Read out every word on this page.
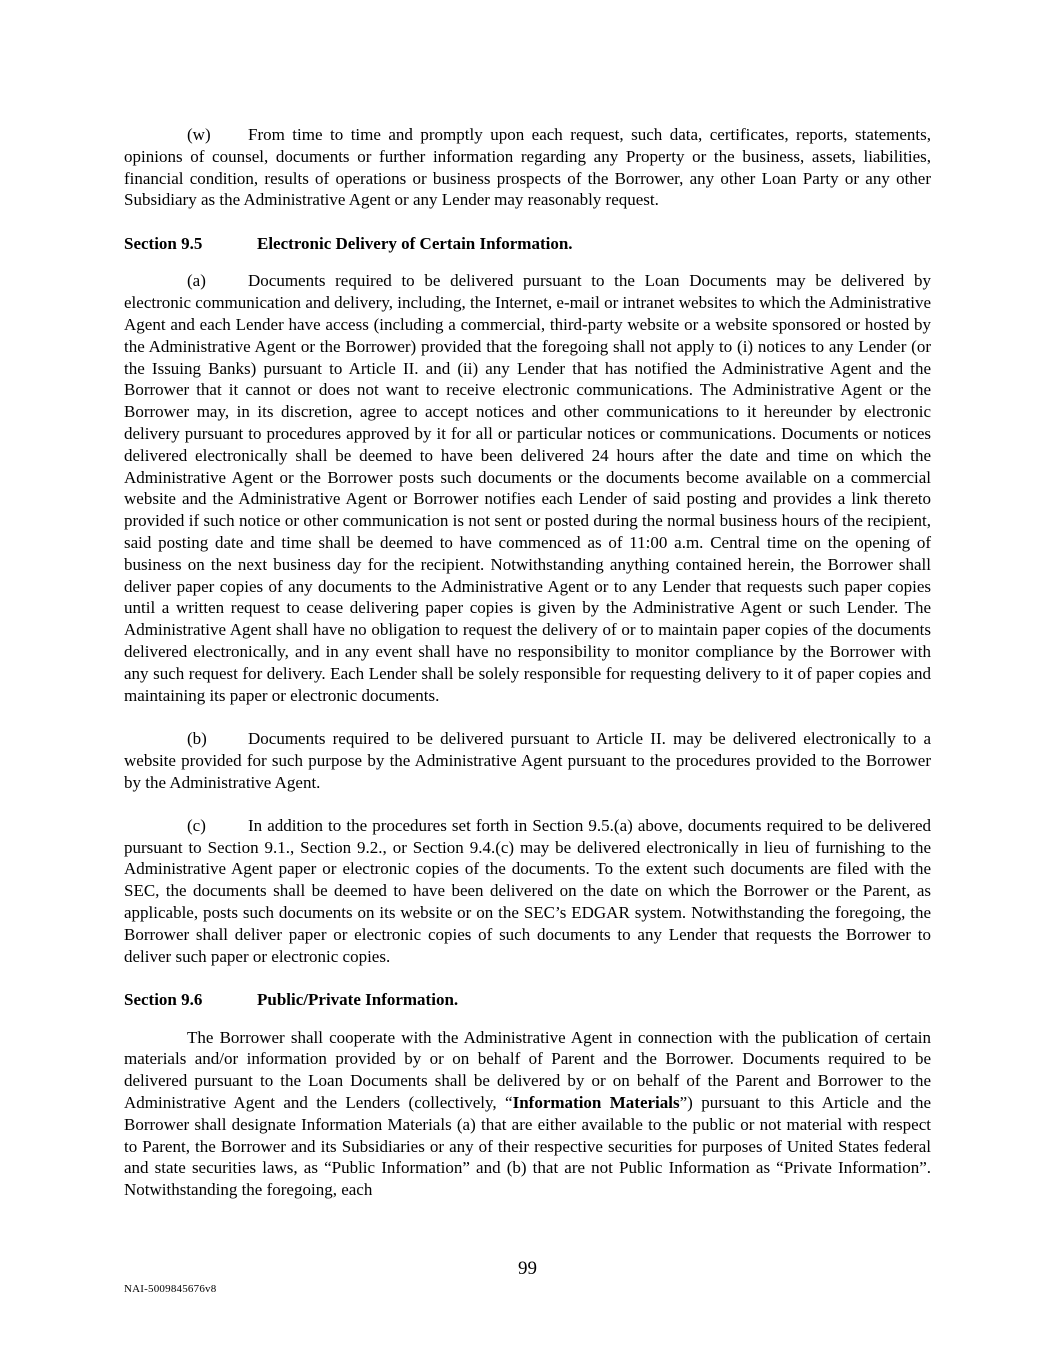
(w) From time to time and promptly upon each request, such data, certificates, reports, statements, opinions of counsel, documents or further information regarding any Property or the business, assets, liabilities, financial condition, results of operations or business prospects of the Borrower, any other Loan Party or any other Subsidiary as the Administrative Agent or any Lender may reasonably request.

Section 9.5	Electronic Delivery of Certain Information.

(a) Documents required to be delivered pursuant to the Loan Documents may be delivered by electronic communication and delivery, including, the Internet, e-mail or intranet websites to which the Administrative Agent and each Lender have access (including a commercial, third-party website or a website sponsored or hosted by the Administrative Agent or the Borrower) provided that the foregoing shall not apply to (i) notices to any Lender (or the Issuing Banks) pursuant to Article II. and (ii) any Lender that has notified the Administrative Agent and the Borrower that it cannot or does not want to receive electronic communications. The Administrative Agent or the Borrower may, in its discretion, agree to accept notices and other communications to it hereunder by electronic delivery pursuant to procedures approved by it for all or particular notices or communications. Documents or notices delivered electronically shall be deemed to have been delivered 24 hours after the date and time on which the Administrative Agent or the Borrower posts such documents or the documents become available on a commercial website and the Administrative Agent or Borrower notifies each Lender of said posting and provides a link thereto provided if such notice or other communication is not sent or posted during the normal business hours of the recipient, said posting date and time shall be deemed to have commenced as of 11:00 a.m. Central time on the opening of business on the next business day for the recipient. Notwithstanding anything contained herein, the Borrower shall deliver paper copies of any documents to the Administrative Agent or to any Lender that requests such paper copies until a written request to cease delivering paper copies is given by the Administrative Agent or such Lender. The Administrative Agent shall have no obligation to request the delivery of or to maintain paper copies of the documents delivered electronically, and in any event shall have no responsibility to monitor compliance by the Borrower with any such request for delivery. Each Lender shall be solely responsible for requesting delivery to it of paper copies and maintaining its paper or electronic documents.

(b) Documents required to be delivered pursuant to Article II. may be delivered electronically to a website provided for such purpose by the Administrative Agent pursuant to the procedures provided to the Borrower by the Administrative Agent.

(c) In addition to the procedures set forth in Section 9.5.(a) above, documents required to be delivered pursuant to Section 9.1., Section 9.2., or Section 9.4.(c) may be delivered electronically in lieu of furnishing to the Administrative Agent paper or electronic copies of the documents. To the extent such documents are filed with the SEC, the documents shall be deemed to have been delivered on the date on which the Borrower or the Parent, as applicable, posts such documents on its website or on the SEC’s EDGAR system. Notwithstanding the foregoing, the Borrower shall deliver paper or electronic copies of such documents to any Lender that requests the Borrower to deliver such paper or electronic copies.

Section 9.6	Public/Private Information.

The Borrower shall cooperate with the Administrative Agent in connection with the publication of certain materials and/or information provided by or on behalf of Parent and the Borrower. Documents required to be delivered pursuant to the Loan Documents shall be delivered by or on behalf of the Parent and Borrower to the Administrative Agent and the Lenders (collectively, “Information Materials”) pursuant to this Article and the Borrower shall designate Information Materials (a) that are either available to the public or not material with respect to Parent, the Borrower and its Subsidiaries or any of their respective securities for purposes of United States federal and state securities laws, as “Public Information” and (b) that are not Public Information as “Private Information”. Notwithstanding the foregoing, each

99
NAI-5009845676v8
